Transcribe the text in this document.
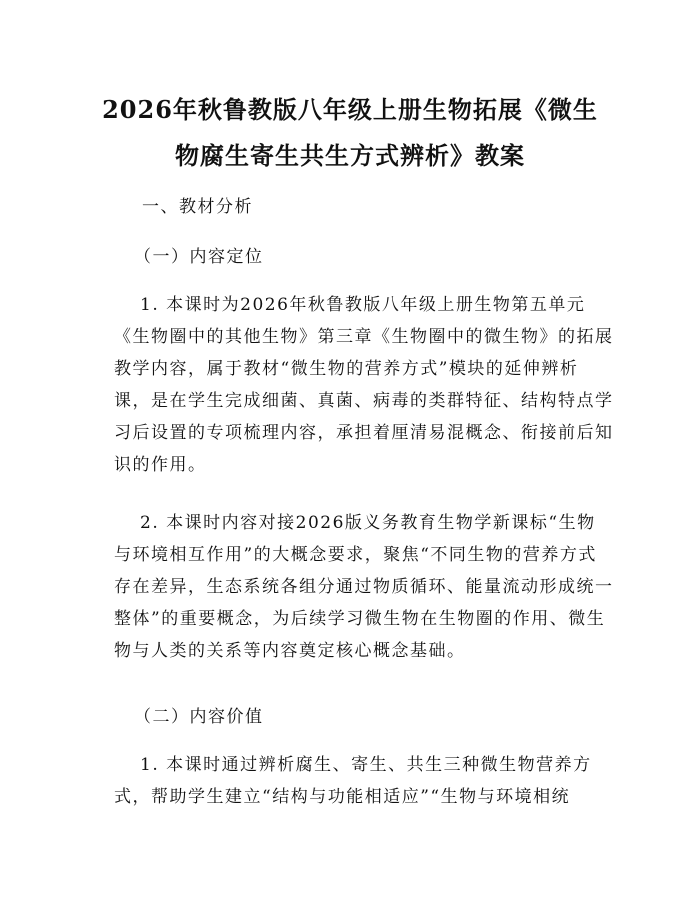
2026年秋鲁教版八年级上册生物拓展《微生
物腐生寄生共生方式辨析》教案
一、教材分析
（一）内容定位
1. 本课时为2026年秋鲁教版八年级上册生物第五单元
《生物圈中的其他生物》第三章《生物圈中的微生物》的拓展
教学内容，属于教材“微生物的营养方式”模块的延伸辨析
课，是在学生完成细菌、真菌、病毒的类群特征、结构特点学
习后设置的专项梳理内容，承担着厘清易混概念、衔接前后知
识的作用。
2. 本课时内容对接2026版义务教育生物学新课标“生物
与环境相互作用”的大概念要求，聚焦“不同生物的营养方式
存在差异，生态系统各组分通过物质循环、能量流动形成统一
整体”的重要概念，为后续学习微生物在生物圈的作用、微生
物与人类的关系等内容奠定核心概念基础。
（二）内容价值
1. 本课时通过辨析腐生、寄生、共生三种微生物营养方
式，帮助学生建立“结构与功能相适应”“生物与环境相统
